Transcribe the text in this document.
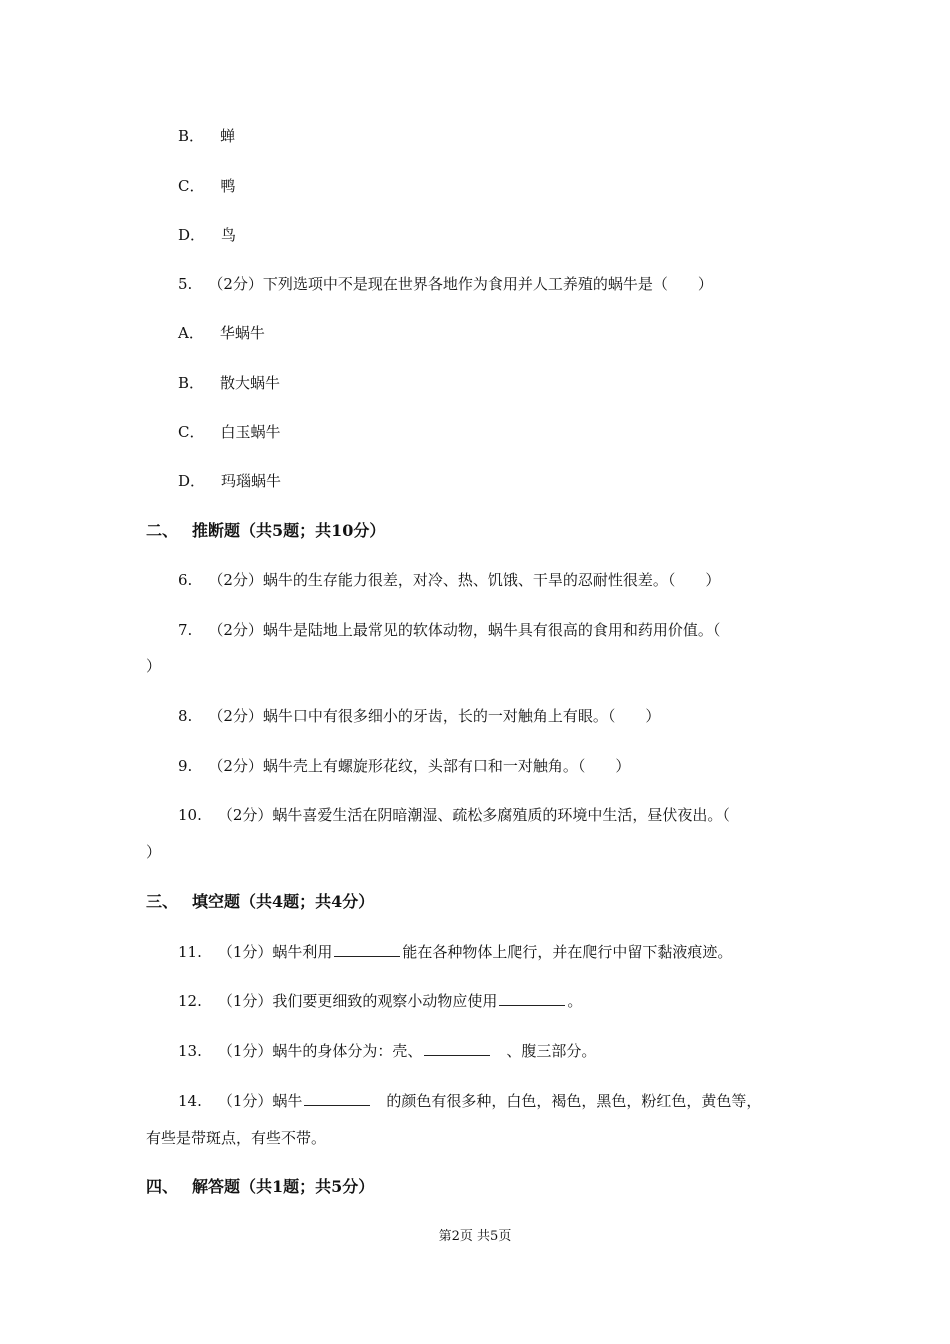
B． 蝉
C． 鸭
D． 鸟
5. （2分）下列选项中不是现在世界各地作为食用并人工养殖的蜗牛是（　　）
A． 华蜗牛
B． 散大蜗牛
C． 白玉蜗牛
D． 玛瑙蜗牛
二、 推断题（共5题；共10分）
6. （2分）蜗牛的生存能力很差，对冷、热、饥饿、干旱的忍耐性很差。（　　）
7. （2分）蜗牛是陆地上最常见的软体动物，蜗牛具有很高的食用和药用价值。（
）
8. （2分）蜗牛口中有很多细小的牙齿，长的一对触角上有眼。（　　）
9. （2分）蜗牛壳上有螺旋形花纹，头部有口和一对触角。（　　）
10. （2分）蜗牛喜爱生活在阴暗潮湿、疏松多腐殖质的环境中生活，昼伏夜出。（
）
三、 填空题（共4题；共4分）
11. （1分）蜗牛利用	能在各种物体上爬行，并在爬行中留下黏液痕迹。
12. （1分）我们要更细致的观察小动物应使用	。
13. （1分）蜗牛的身体分为：壳、	、腹三部分。
14. （1分）蜗牛	的颜色有很多种，白色，褐色，黑色，粉红色，黄色等，
有些是带斑点，有些不带。
四、 解答题（共1题；共5分）
第2页 共5页
